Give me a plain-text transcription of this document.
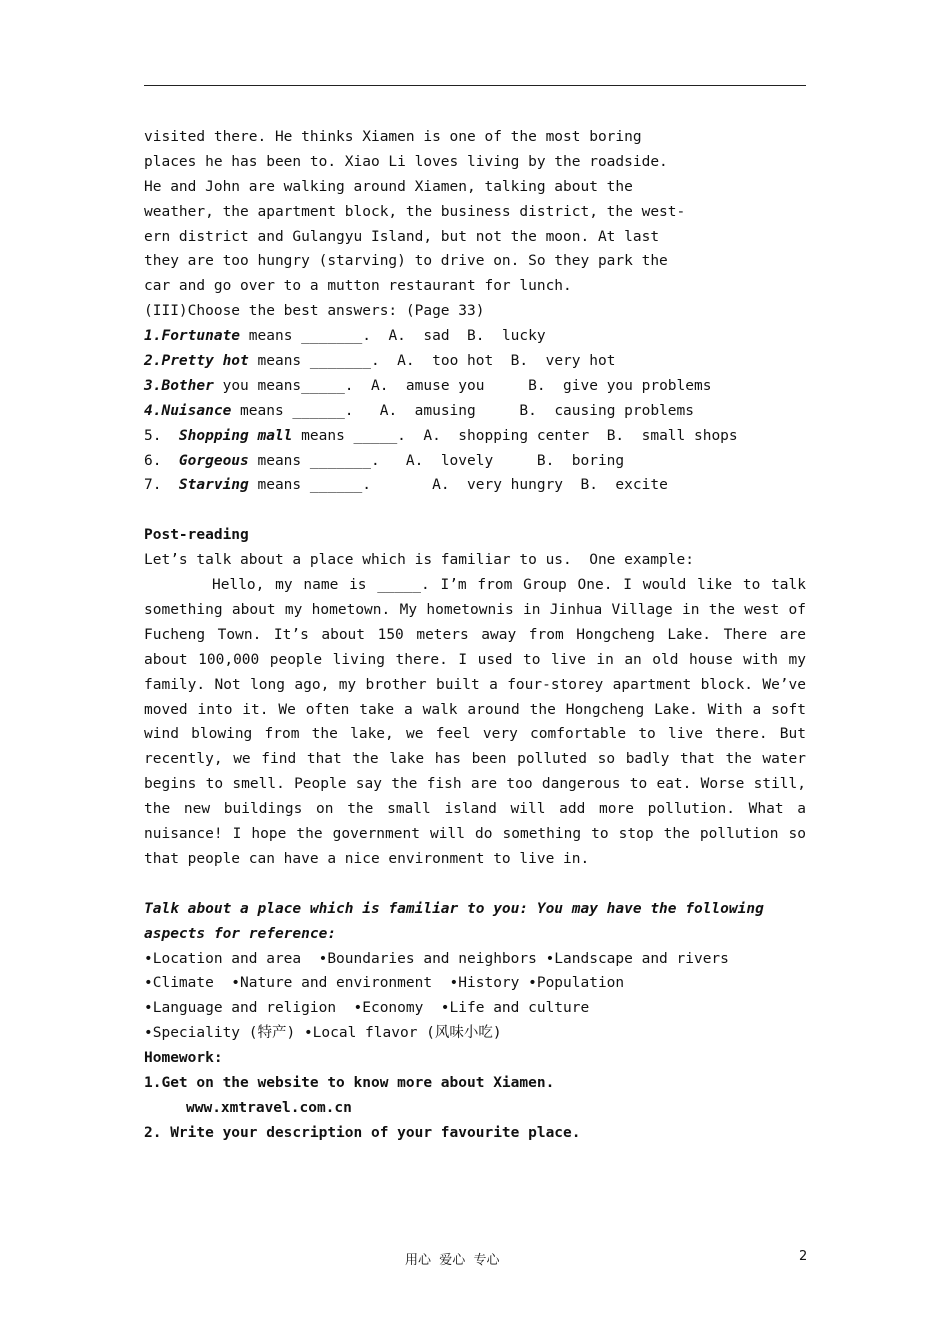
visited there. He thinks Xiamen is one of the most boring
places he has been to. Xiao Li loves living by the roadside.
He and John are walking around Xiamen, talking about the
weather, the apartment block, the business district, the west-
ern district and Gulangyu Island, but not the moon. At last
they are too hungry (starving) to drive on. So they park the
car and go over to a mutton restaurant for lunch.
(III)Choose the best answers: (Page 33)
1.Fortunate means _______.  A.  sad  B.  lucky
2.Pretty hot means _______.  A.  too hot  B.  very hot
3.Bother you means_____.  A.  amuse you     B.  give you problems
4.Nuisance means ______.   A.  amusing     B.  causing problems
5.  Shopping mall means _____.  A.  shopping center  B.  small shops
6.  Gorgeous means _______.   A.  lovely     B.  boring
7.  Starving means ______.       A.  very hungry  B.  excite
Post-reading
Let’s talk about a place which is familiar to us.  One example:
Hello, my name is _____. I’m from Group One. I would like to talk something about my hometown. My hometownis in Jinhua Village in the west of Fucheng Town. It’s about 150 meters away from Hongcheng Lake. There are about 100,000 people living there. I used to live in an old house with my family. Not long ago, my brother built a four-storey apartment block. We’ve moved into it. We often take a walk around the Hongcheng Lake. With a soft wind blowing from the lake, we feel very comfortable to live there. But recently, we find that the lake has been polluted so badly that the water begins to smell. People say the fish are too dangerous to eat. Worse still, the new buildings on the small island will add more pollution. What a nuisance! I hope the government will do something to stop the pollution so that people can have a nice environment to live in.
Talk about a place which is familiar to you: You may have the following
aspects for reference:
•Location and area  •Boundaries and neighbors •Landscape and rivers
•Climate  •Nature and environment  •History •Population
•Language and religion  •Economy  •Life and culture
•Speciality (特产) •Local flavor (风味小吃)
Homework:
1.Get on the website to know more about Xiamen.
www.xmtravel.com.cn
2. Write your description of your favourite place.
用心  爱心  专心	2
